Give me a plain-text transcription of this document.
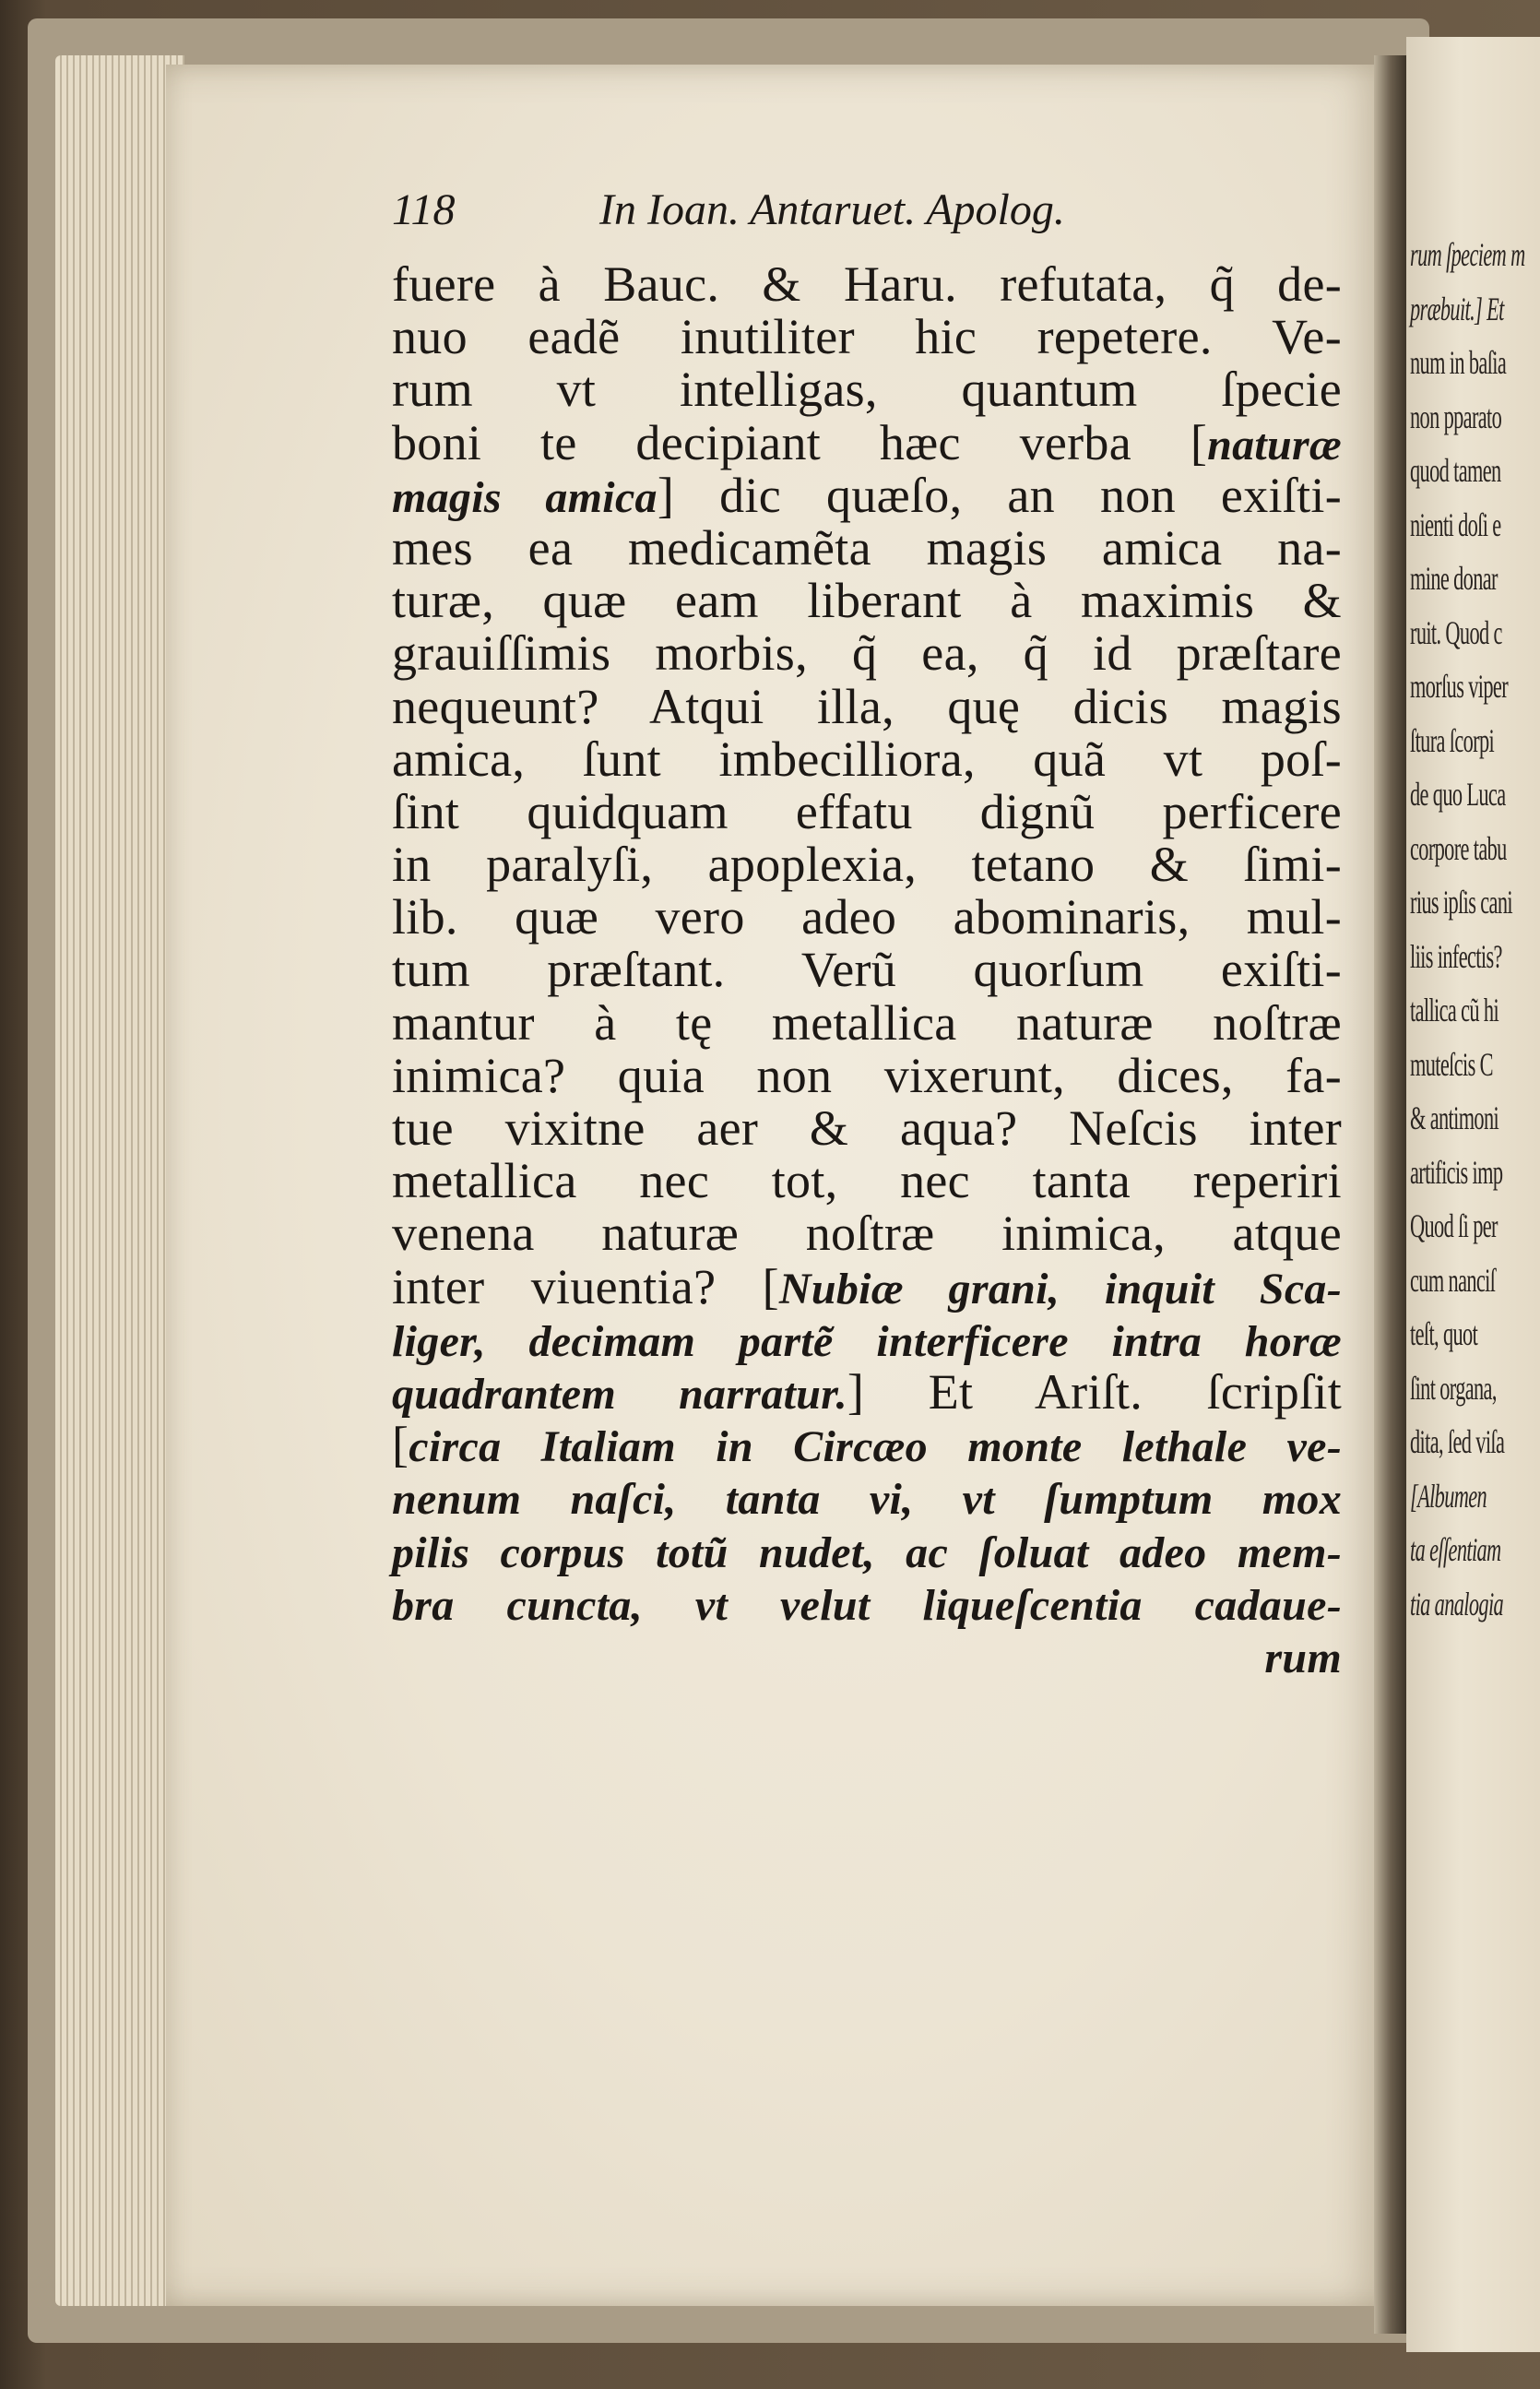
rum ſpeciem m
præbuit.] Et
num in baſia
non pparato
quod tamen
nienti doſi e
mine donar
ruit. Quod c
morſus viper
ſtura ſcorpi
de quo Luca
corpore tabu
rius ipſis cani
liis infectis?
tallica cũ hi
muteſcis C
& antimoni
artificis imp
Quod ſi per
cum nanciſ
teſt, quot
ſint organa,
dita, ſed viſa
[Albumen
ta eſſentiam
tia analogia
118	In Ioan. Antaruet. Apolog.
fuere à Bauc. & Haru. refutata, q̃ de-
nuo eadẽ inutiliter hic repetere. Ve-
rum vt intelligas, quantum ſpecie
boni te decipiant hæc verba [naturæ
magis amica] dic quæſo, an non exiſti-
mes ea medicamẽta magis amica na-
turæ, quæ eam liberant à maximis &
grauiſſimis morbis, q̃ ea, q̃ id præſtare
nequeunt? Atqui illa, quę dicis magis
amica, ſunt imbecilliora, quã vt poſ-
ſint quidquam effatu dignũ perficere
in paralyſi, apoplexia, tetano & ſimi-
lib. quæ vero adeo abominaris, mul-
tum præſtant. Verũ quorſum exiſti-
mantur à tę metallica naturæ noſtræ
inimica? quia non vixerunt, dices, fa-
tue vixitne aer & aqua? Neſcis inter
metallica nec tot, nec tanta reperiri
venena naturæ noſtræ inimica, atque
inter viuentia? [Nubiæ grani, inquit Sca-
liger, decimam partẽ interficere intra horæ
quadrantem narratur.] Et Ariſt. ſcripſit
[circa Italiam in Circæo monte lethale ve-
nenum naſci, tanta vi, vt ſumptum mox
pilis corpus totũ nudet, ac ſoluat adeo mem-
bra cuncta, vt velut liqueſcentia cadaue-
rum
